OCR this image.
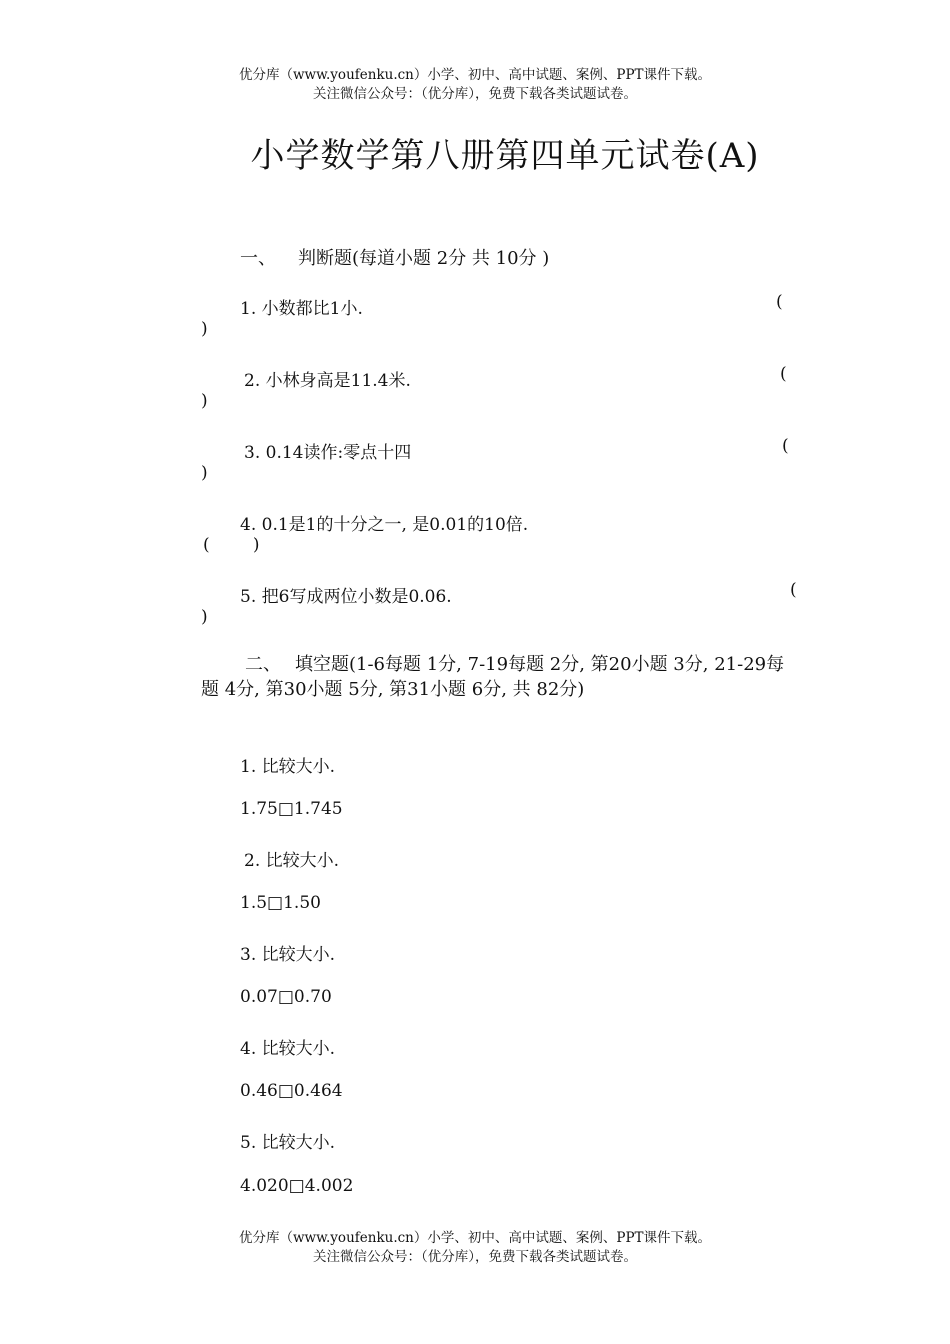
优分库（www.youfenku.cn）小学、初中、高中试题、案例、PPT课件下载。
关注微信公众号：（优分库），免费下载各类试题试卷。
小学数学第八册第四单元试卷(A)
一、 判断题(每道小题 2分 共 10分 )
1. 小数都比1小.	(
)
2. 小林身高是11.4米.	(
)
3. 0.14读作:零点十四	(
)
4. 0.1是1的十分之一, 是0.01的10倍.
(        )
5. 把6写成两位小数是0.06.	(
)
二、 填空题(1-6每题 1分, 7-19每题 2分, 第20小题 3分, 21-29每题 4分, 第30小题 5分, 第31小题 6分, 共 82分)
1. 比较大小.
1.75□1.745
2. 比较大小.
1.5□1.50
3. 比较大小.
0.07□0.70
4. 比较大小.
0.46□0.464
5. 比较大小.
4.020□4.002
优分库（www.youfenku.cn）小学、初中、高中试题、案例、PPT课件下载。
关注微信公众号：（优分库），免费下载各类试题试卷。
